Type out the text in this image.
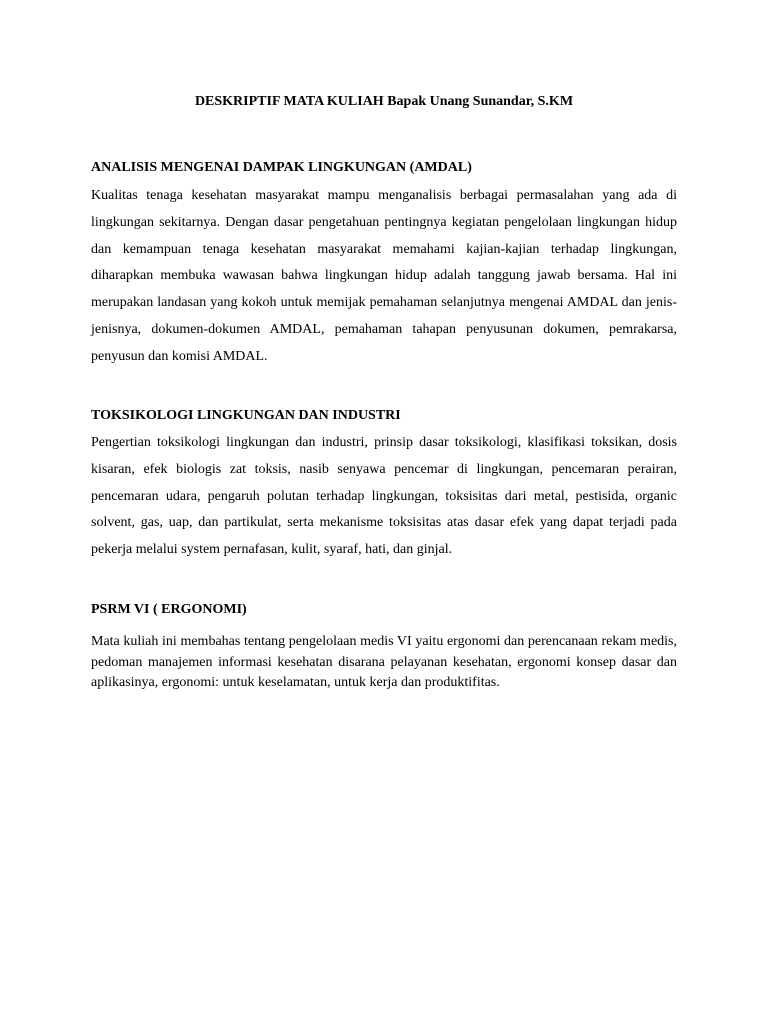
DESKRIPTIF MATA KULIAH Bapak Unang Sunandar, S.KM
ANALISIS MENGENAI DAMPAK LINGKUNGAN (AMDAL)

Kualitas tenaga kesehatan masyarakat mampu menganalisis berbagai permasalahan yang ada di lingkungan sekitarnya. Dengan dasar pengetahuan pentingnya kegiatan pengelolaan lingkungan hidup dan kemampuan tenaga kesehatan masyarakat memahami kajian-kajian terhadap lingkungan, diharapkan membuka wawasan bahwa lingkungan hidup adalah tanggung jawab bersama. Hal ini merupakan landasan yang kokoh untuk memijak pemahaman selanjutnya mengenai AMDAL dan jenis-jenisnya, dokumen-dokumen AMDAL, pemahaman tahapan penyusunan dokumen, pemrakarsa, penyusun dan komisi AMDAL.

TOKSIKOLOGI LINGKUNGAN DAN INDUSTRI

Pengertian toksikologi lingkungan dan industri, prinsip dasar toksikologi, klasifikasi toksikan, dosis kisaran, efek biologis zat toksis, nasib senyawa pencemar di lingkungan, pencemaran perairan, pencemaran udara, pengaruh polutan terhadap lingkungan, toksisitas dari metal, pestisida, organic solvent, gas, uap, dan partikulat, serta mekanisme toksisitas atas dasar efek yang dapat terjadi pada pekerja melalui system pernafasan, kulit, syaraf, hati, dan ginjal.

PSRM VI ( ERGONOMI)

Mata kuliah ini membahas tentang pengelolaan medis VI yaitu ergonomi dan perencanaan rekam medis, pedoman manajemen informasi kesehatan disarana pelayanan kesehatan, ergonomi konsep dasar dan aplikasinya, ergonomi: untuk keselamatan, untuk kerja dan produktifitas.
